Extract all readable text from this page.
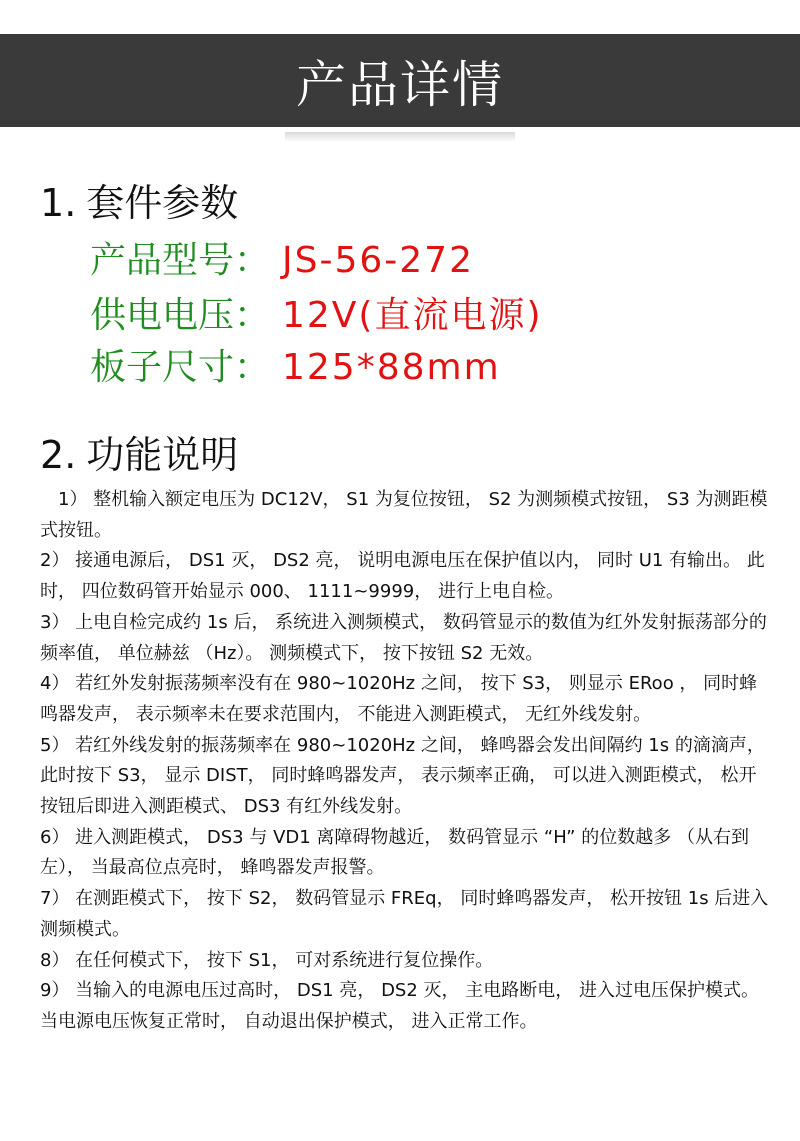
产品详情
1. 套件参数
产品型号： JS-56-272
供电电压： 12V(直流电源)
板子尺寸： 125*88mm
2. 功能说明

1） 整机输入额定电压为 DC12V， S1 为复位按钮， S2 为测频模式按钮， S3 为测距模式按钮。

2） 接通电源后， DS1 灭， DS2 亮， 说明电源电压在保护值以内， 同时 U1 有输出。 此时， 四位数码管开始显示 000、 1111~9999， 进行上电自检。

3） 上电自检完成约 1s 后， 系统进入测频模式， 数码管显示的数值为红外发射振荡部分的频率值， 单位赫兹 （Hz）。 测频模式下， 按下按钮 S2 无效。

4） 若红外发射振荡频率没有在 980~1020Hz 之间， 按下 S3， 则显示 ERoo ， 同时蜂鸣器发声， 表示频率未在要求范围内， 不能进入测距模式， 无红外线发射。

5） 若红外线发射的振荡频率在 980~1020Hz 之间， 蜂鸣器会发出间隔约 1s 的滴滴声， 此时按下 S3， 显示 DIST， 同时蜂鸣器发声， 表示频率正确， 可以进入测距模式， 松开按钮后即进入测距模式、 DS3 有红外线发射。

6） 进入测距模式， DS3 与 VD1 离障碍物越近， 数码管显示 “H” 的位数越多 （从右到左）， 当最高位点亮时， 蜂鸣器发声报警。

7） 在测距模式下， 按下 S2， 数码管显示 FREq， 同时蜂鸣器发声， 松开按钮 1s 后进入测频模式。

8） 在任何模式下， 按下 S1， 可对系统进行复位操作。

9） 当输入的电源电压过高时， DS1 亮， DS2 灭， 主电路断电， 进入过电压保护模式。

当电源电压恢复正常时， 自动退出保护模式， 进入正常工作。
